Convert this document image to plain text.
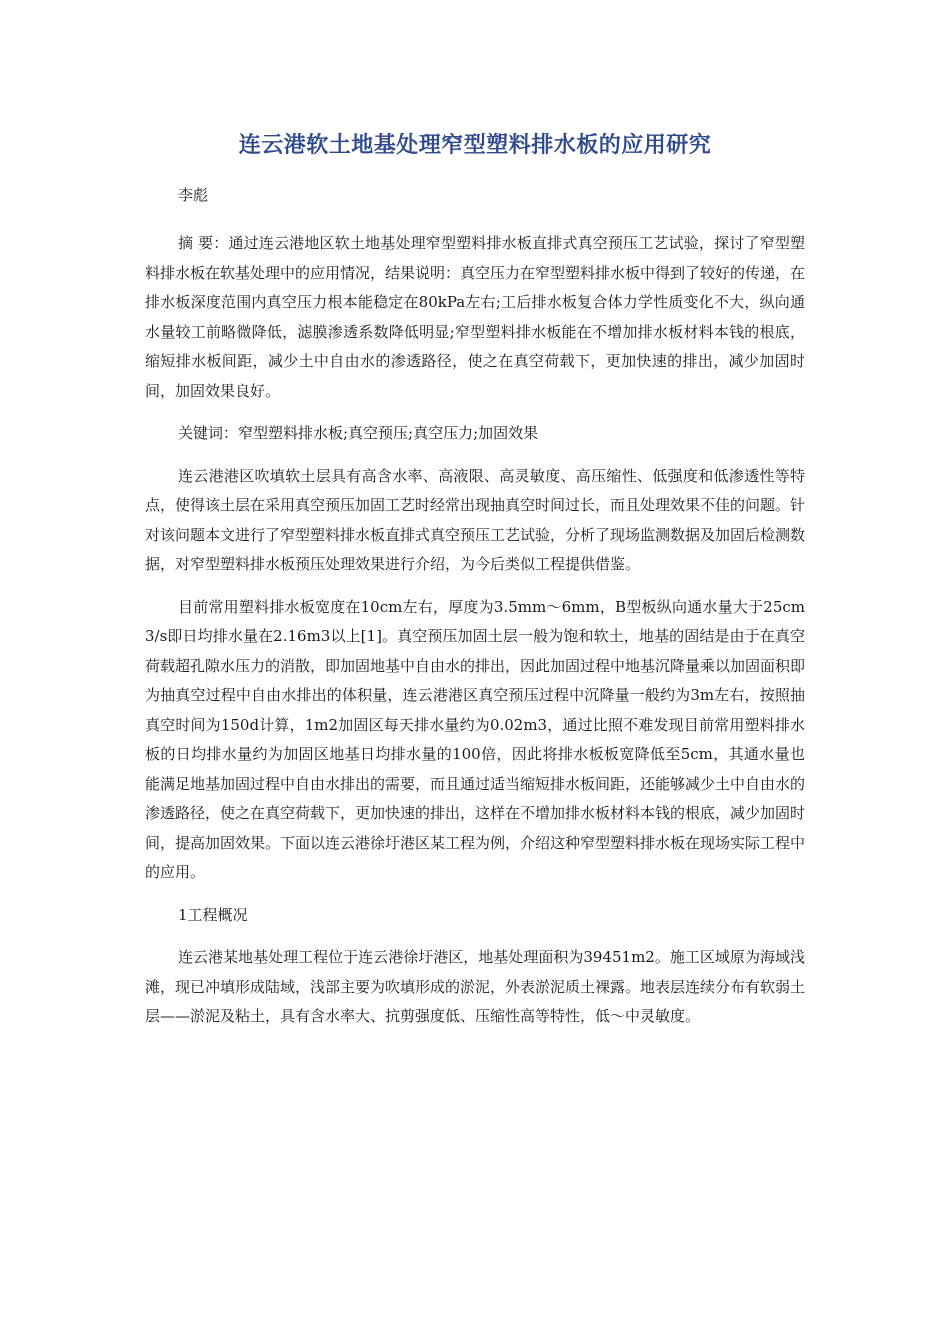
连云港软土地基处理窄型塑料排水板的应用研究
李彪

摘 要：通过连云港地区软土地基处理窄型塑料排水板直排式真空预压工艺试验，探讨了窄型塑料排水板在软基处理中的应用情况，结果说明：真空压力在窄型塑料排水板中得到了较好的传递，在排水板深度范围内真空压力根本能稳定在80kPa左右;工后排水板复合体力学性质变化不大，纵向通水量较工前略微降低，滤膜渗透系数降低明显;窄型塑料排水板能在不增加排水板材料本钱的根底，缩短排水板间距，减少土中自由水的渗透路径，使之在真空荷载下，更加快速的排出，减少加固时间，加固效果良好。

关键词：窄型塑料排水板;真空预压;真空压力;加固效果

连云港港区吹填软土层具有高含水率、高液限、高灵敏度、高压缩性、低强度和低渗透性等特点，使得该土层在采用真空预压加固工艺时经常出现抽真空时间过长，而且处理效果不佳的问题。针对该问题本文进行了窄型塑料排水板直排式真空预压工艺试验，分析了现场监测数据及加固后检测数据，对窄型塑料排水板预压处理效果进行介绍，为今后类似工程提供借鉴。

目前常用塑料排水板宽度在10cm左右，厚度为3.5mm～6mm，B型板纵向通水量大于25cm3/s即日均排水量在2.16m3以上[1]。真空预压加固土层一般为饱和软土，地基的固结是由于在真空荷载超孔隙水压力的消散，即加固地基中自由水的排出，因此加固过程中地基沉降量乘以加固面积即为抽真空过程中自由水排出的体积量，连云港港区真空预压过程中沉降量一般约为3m左右，按照抽真空时间为150d计算，1m2加固区每天排水量约为0.02m3，通过比照不难发现目前常用塑料排水板的日均排水量约为加固区地基日均排水量的100倍，因此将排水板板宽降低至5cm，其通水量也能满足地基加固过程中自由水排出的需要，而且通过适当缩短排水板间距，还能够减少土中自由水的渗透路径，使之在真空荷载下，更加快速的排出，这样在不增加排水板材料本钱的根底，减少加固时间，提高加固效果。下面以连云港徐圩港区某工程为例，介绍这种窄型塑料排水板在现场实际工程中的应用。

1工程概况

连云港某地基处理工程位于连云港徐圩港区，地基处理面积为39451m2。施工区域原为海域浅滩，现已冲填形成陆域，浅部主要为吹填形成的淤泥，外表淤泥质土裸露。地表层连续分布有软弱土层——淤泥及粘土，具有含水率大、抗剪强度低、压缩性高等特性，低～中灵敏度。
